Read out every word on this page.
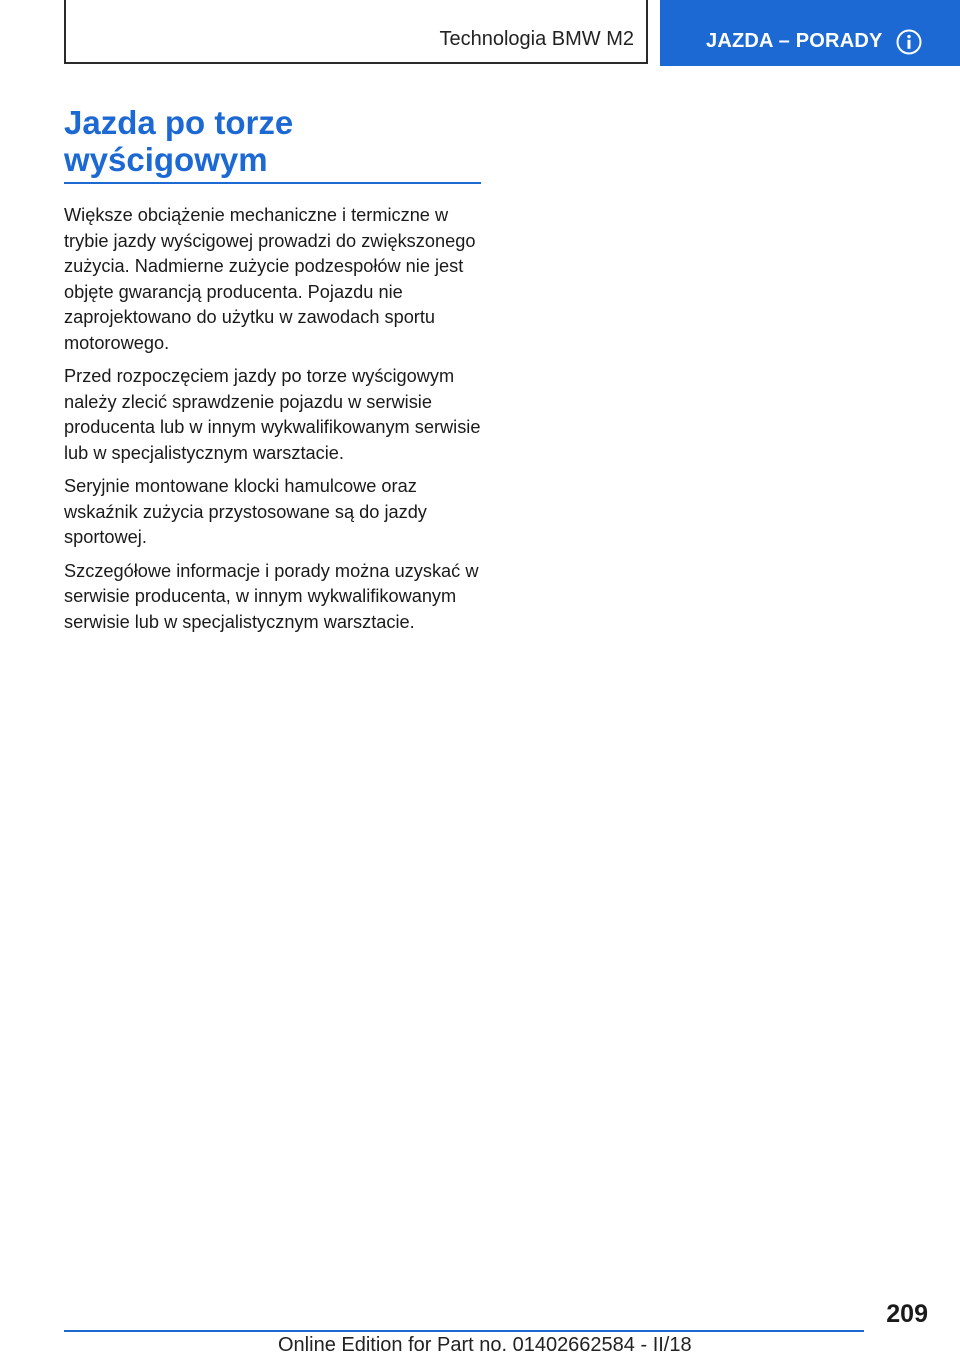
Technologia BMW M2	JAZDA – PORADY
Jazda po torze
wyścigowym

Większe obciążenie mechaniczne i termiczne w trybie jazdy wyścigowej prowadzi do zwiększonego zużycia. Nadmierne zużycie podzespołów nie jest objęte gwarancją producenta. Pojazdu nie zaprojektowano do użytku w zawodach sportu motorowego.

Przed rozpoczęciem jazdy po torze wyścigowym należy zlecić sprawdzenie pojazdu w serwisie producenta lub w innym wykwalifikowanym serwisie lub w specjalistycznym warsztacie.

Seryjnie montowane klocki hamulcowe oraz wskaźnik zużycia przystosowane są do jazdy sportowej.

Szczegółowe informacje i porady można uzyskać w serwisie producenta, w innym wykwalifikowanym serwisie lub w specjalistycznym warsztacie.

209
Online Edition for Part no. 01402662584 - II/18
